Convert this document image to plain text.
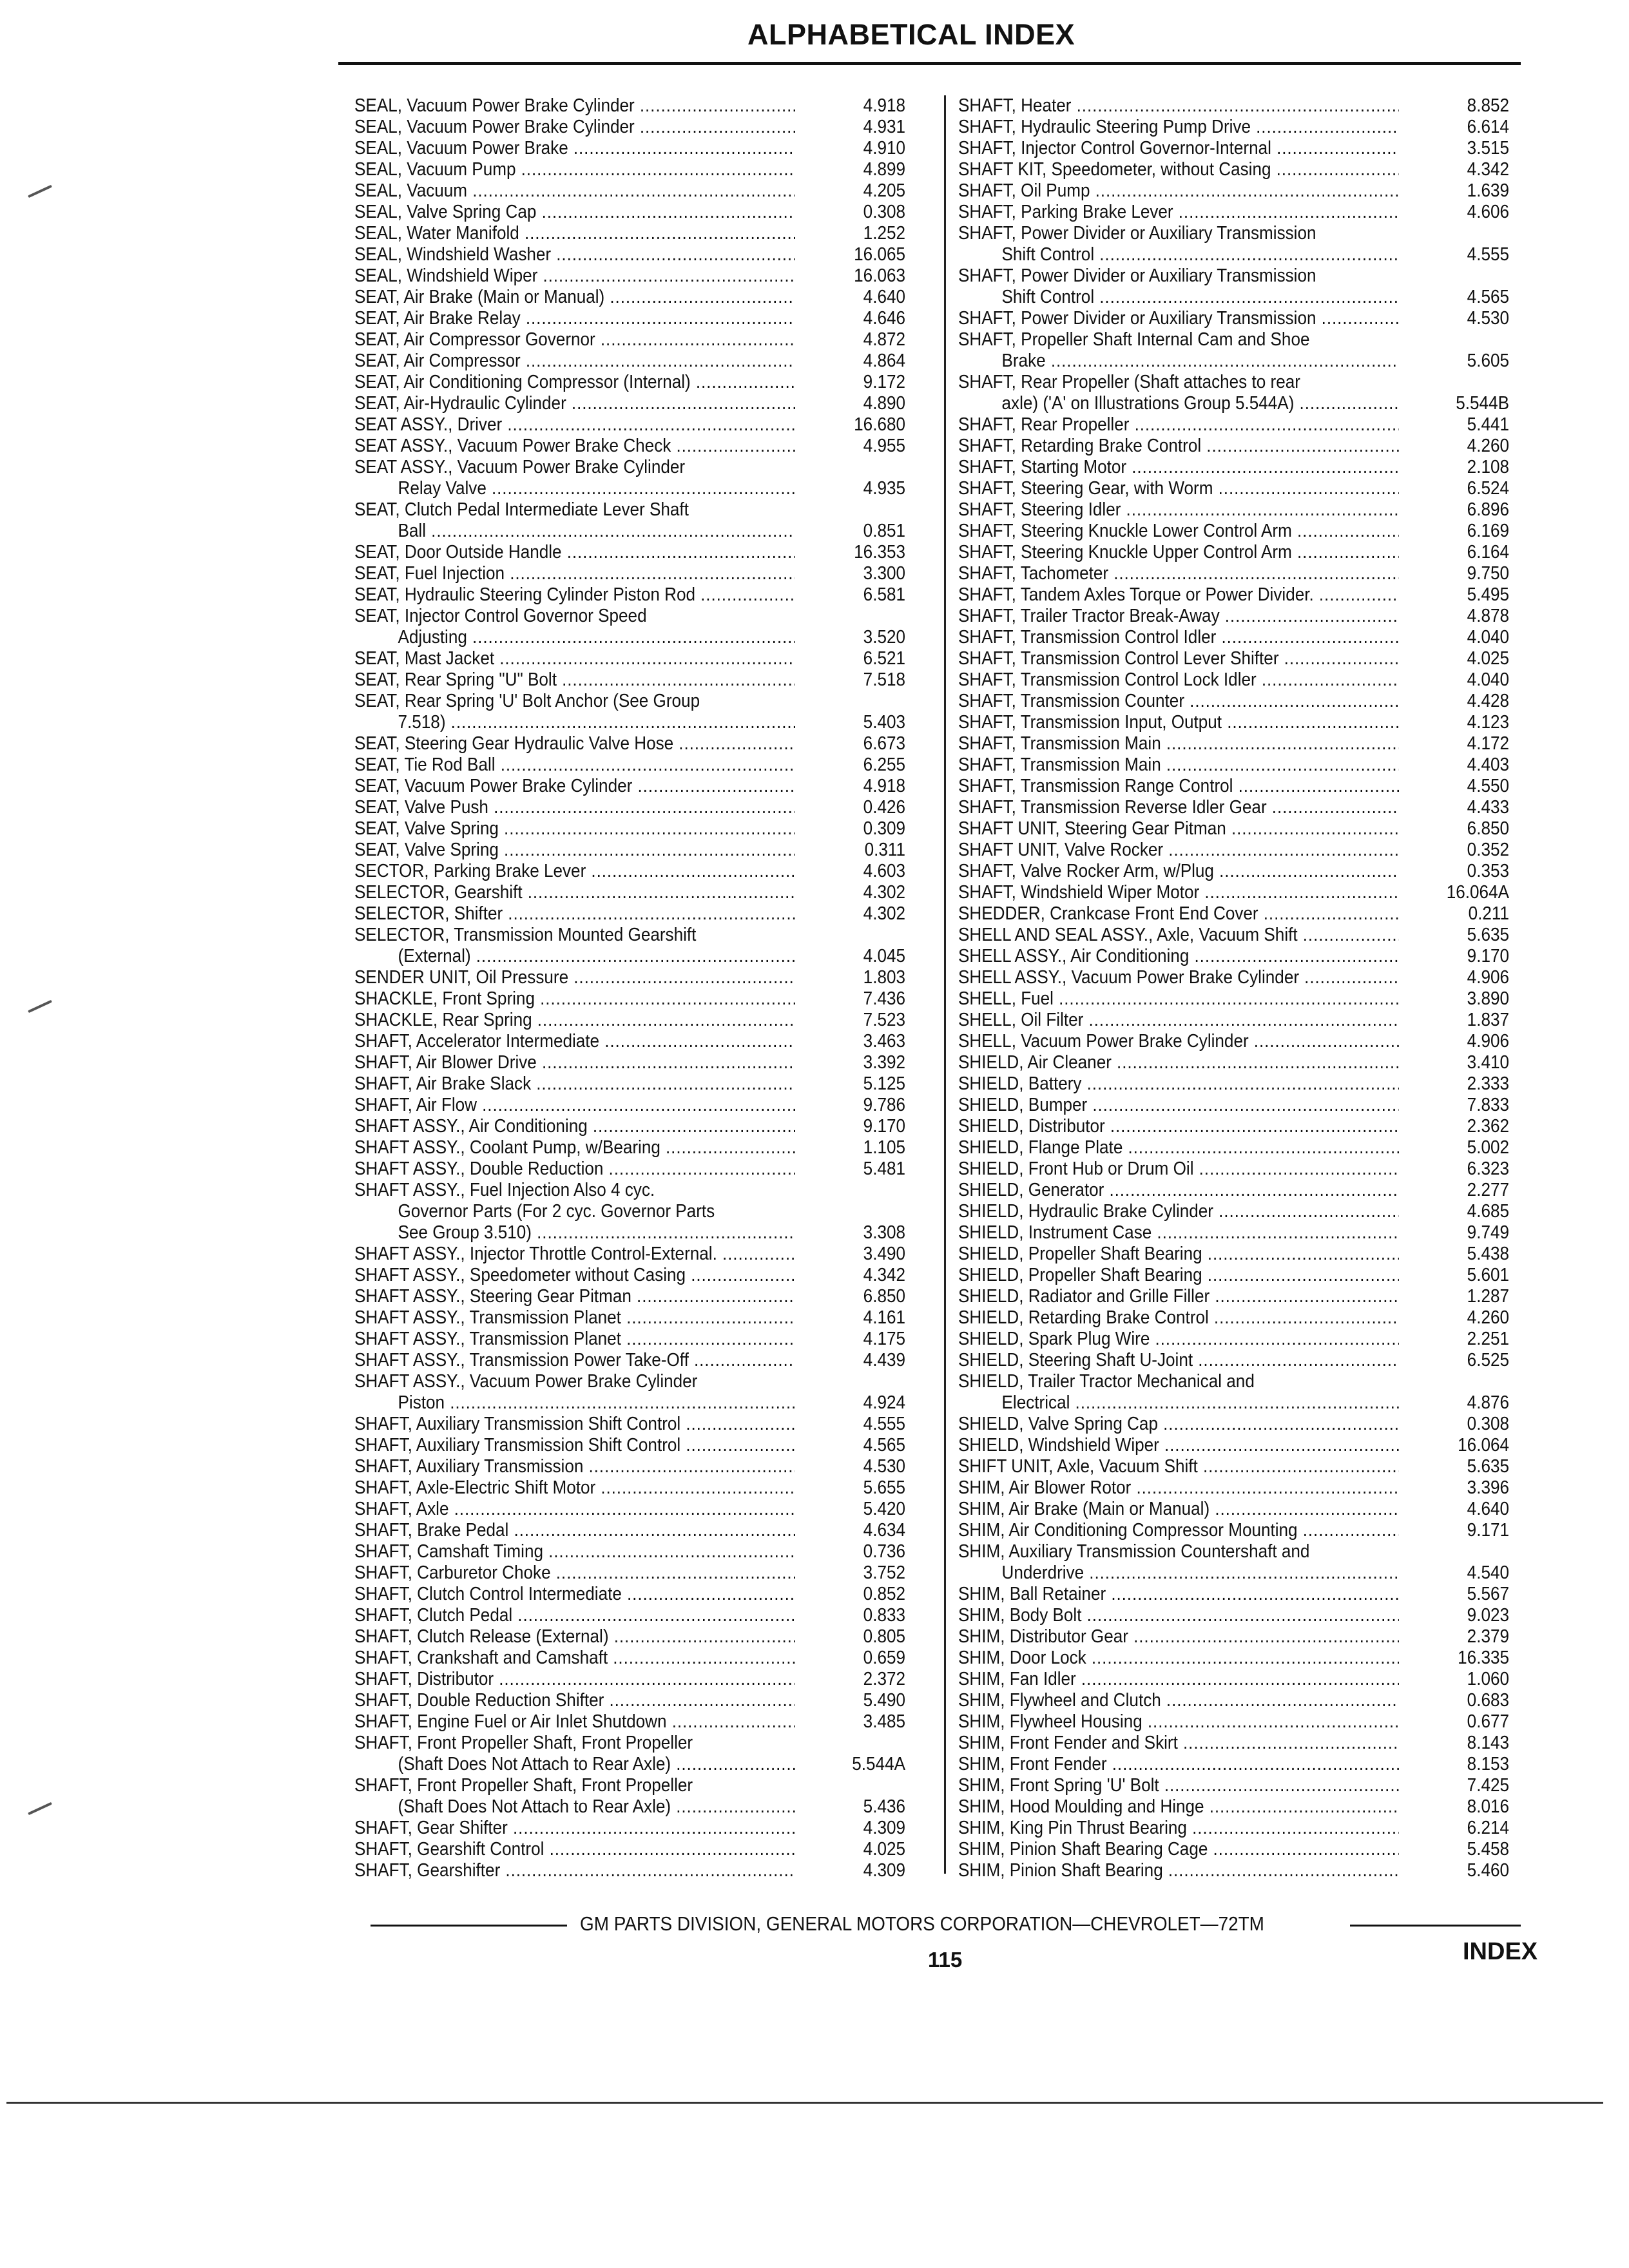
ALPHABETICAL INDEX
SEAL, Vacuum Power Brake Cylinder .....	4.918
SEAL, Vacuum Power Brake Cylinder .....	4.931
SEAL, Vacuum Power Brake .....	4.910
SEAL, Vacuum Pump .....	4.899
SEAL, Vacuum .....	4.205
SEAL, Valve Spring Cap .....	0.308
SEAL, Water Manifold .....	1.252
SEAL, Windshield Washer .....	16.065
SEAL, Windshield Wiper .....	16.063
SEAT, Air Brake (Main or Manual) .....	4.640
SEAT, Air Brake Relay .....	4.646
SEAT, Air Compressor Governor .....	4.872
SEAT, Air Compressor .....	4.864
SEAT, Air Conditioning Compressor (Internal) .....	9.172
SEAT, Air-Hydraulic Cylinder .....	4.890
SEAT ASSY., Driver .....	16.680
SEAT ASSY., Vacuum Power Brake Check .....	4.955
SEAT ASSY., Vacuum Power Brake Cylinder
Relay Valve .....	4.935
SEAT, Clutch Pedal Intermediate Lever Shaft
Ball .....	0.851
SEAT, Door Outside Handle .....	16.353
SEAT, Fuel Injection .....	3.300
SEAT, Hydraulic Steering Cylinder Piston Rod .....	6.581
SEAT, Injector Control Governor Speed
Adjusting .....	3.520
SEAT, Mast Jacket .....	6.521
SEAT, Rear Spring "U" Bolt .....	7.518
SEAT, Rear Spring 'U' Bolt Anchor (See Group
7.518) .....	5.403
SEAT, Steering Gear Hydraulic Valve Hose .....	6.673
SEAT, Tie Rod Ball .....	6.255
SEAT, Vacuum Power Brake Cylinder .....	4.918
SEAT, Valve Push .....	0.426
SEAT, Valve Spring .....	0.309
SEAT, Valve Spring .....	0.311
SECTOR, Parking Brake Lever .....	4.603
SELECTOR, Gearshift .....	4.302
SELECTOR, Shifter .....	4.302
SELECTOR, Transmission Mounted Gearshift
(External) .....	4.045
SENDER UNIT, Oil Pressure .....	1.803
SHACKLE, Front Spring .....	7.436
SHACKLE, Rear Spring .....	7.523
SHAFT, Accelerator Intermediate .....	3.463
SHAFT, Air Blower Drive .....	3.392
SHAFT, Air Brake Slack .....	5.125
SHAFT, Air Flow .....	9.786
SHAFT ASSY., Air Conditioning .....	9.170
SHAFT ASSY., Coolant Pump, w/Bearing .....	1.105
SHAFT ASSY., Double Reduction .....	5.481
SHAFT ASSY., Fuel Injection Also 4 cyc.
Governor Parts (For 2 cyc. Governor Parts
See Group 3.510) .....	3.308
SHAFT ASSY., Injector Throttle Control-External. .....	3.490
SHAFT ASSY., Speedometer without Casing .....	4.342
SHAFT ASSY., Steering Gear Pitman .....	6.850
SHAFT ASSY., Transmission Planet .....	4.161
SHAFT ASSY., Transmission Planet .....	4.175
SHAFT ASSY., Transmission Power Take-Off .....	4.439
SHAFT ASSY., Vacuum Power Brake Cylinder
Piston .....	4.924
SHAFT, Auxiliary Transmission Shift Control .....	4.555
SHAFT, Auxiliary Transmission Shift Control .....	4.565
SHAFT, Auxiliary Transmission .....	4.530
SHAFT, Axle-Electric Shift Motor .....	5.655
SHAFT, Axle .....	5.420
SHAFT, Brake Pedal .....	4.634
SHAFT, Camshaft Timing .....	0.736
SHAFT, Carburetor Choke .....	3.752
SHAFT, Clutch Control Intermediate .....	0.852
SHAFT, Clutch Pedal .....	0.833
SHAFT, Clutch Release (External) .....	0.805
SHAFT, Crankshaft and Camshaft .....	0.659
SHAFT, Distributor .....	2.372
SHAFT, Double Reduction Shifter .....	5.490
SHAFT, Engine Fuel or Air Inlet Shutdown .....	3.485
SHAFT, Front Propeller Shaft, Front Propeller
(Shaft Does Not Attach to Rear Axle) .....	5.544A
SHAFT, Front Propeller Shaft, Front Propeller
(Shaft Does Not Attach to Rear Axle) .....	5.436
SHAFT, Gear Shifter .....	4.309
SHAFT, Gearshift Control .....	4.025
SHAFT, Gearshifter .....	4.309
SHAFT, Heater .....	8.852
SHAFT, Hydraulic Steering Pump Drive .....	6.614
SHAFT, Injector Control Governor-Internal .....	3.515
SHAFT KIT, Speedometer, without Casing .....	4.342
SHAFT, Oil Pump .....	1.639
SHAFT, Parking Brake Lever .....	4.606
SHAFT, Power Divider or Auxiliary Transmission
Shift Control .....	4.555
SHAFT, Power Divider or Auxiliary Transmission
Shift Control .....	4.565
SHAFT, Power Divider or Auxiliary Transmission .....	4.530
SHAFT, Propeller Shaft Internal Cam and Shoe
Brake .....	5.605
SHAFT, Rear Propeller (Shaft attaches to rear
axle) ('A' on Illustrations Group 5.544A) .....	5.544B
SHAFT, Rear Propeller .....	5.441
SHAFT, Retarding Brake Control .....	4.260
SHAFT, Starting Motor .....	2.108
SHAFT, Steering Gear, with Worm .....	6.524
SHAFT, Steering Idler .....	6.896
SHAFT, Steering Knuckle Lower Control Arm .....	6.169
SHAFT, Steering Knuckle Upper Control Arm .....	6.164
SHAFT, Tachometer .....	9.750
SHAFT, Tandem Axles Torque or Power Divider. .....	5.495
SHAFT, Trailer Tractor Break-Away .....	4.878
SHAFT, Transmission Control Idler .....	4.040
SHAFT, Transmission Control Lever Shifter .....	4.025
SHAFT, Transmission Control Lock Idler .....	4.040
SHAFT, Transmission Counter .....	4.428
SHAFT, Transmission Input, Output .....	4.123
SHAFT, Transmission Main .....	4.172
SHAFT, Transmission Main .....	4.403
SHAFT, Transmission Range Control .....	4.550
SHAFT, Transmission Reverse Idler Gear .....	4.433
SHAFT UNIT, Steering Gear Pitman .....	6.850
SHAFT UNIT, Valve Rocker .....	0.352
SHAFT, Valve Rocker Arm, w/Plug .....	0.353
SHAFT, Windshield Wiper Motor .....	16.064A
SHEDDER, Crankcase Front End Cover .....	0.211
SHELL AND SEAL ASSY., Axle, Vacuum Shift .....	5.635
SHELL ASSY., Air Conditioning .....	9.170
SHELL ASSY., Vacuum Power Brake Cylinder .....	4.906
SHELL, Fuel .....	3.890
SHELL, Oil Filter .....	1.837
SHELL, Vacuum Power Brake Cylinder .....	4.906
SHIELD, Air Cleaner .....	3.410
SHIELD, Battery .....	2.333
SHIELD, Bumper .....	7.833
SHIELD, Distributor .....	2.362
SHIELD, Flange Plate .....	5.002
SHIELD, Front Hub or Drum Oil .....	6.323
SHIELD, Generator .....	2.277
SHIELD, Hydraulic Brake Cylinder .....	4.685
SHIELD, Instrument Case .....	9.749
SHIELD, Propeller Shaft Bearing .....	5.438
SHIELD, Propeller Shaft Bearing .....	5.601
SHIELD, Radiator and Grille Filler .....	1.287
SHIELD, Retarding Brake Control .....	4.260
SHIELD, Spark Plug Wire .....	2.251
SHIELD, Steering Shaft U-Joint .....	6.525
SHIELD, Trailer Tractor Mechanical and
Electrical .....	4.876
SHIELD, Valve Spring Cap .....	0.308
SHIELD, Windshield Wiper .....	16.064
SHIFT UNIT, Axle, Vacuum Shift .....	5.635
SHIM, Air Blower Rotor .....	3.396
SHIM, Air Brake (Main or Manual) .....	4.640
SHIM, Air Conditioning Compressor Mounting .....	9.171
SHIM, Auxiliary Transmission Countershaft and
Underdrive .....	4.540
SHIM, Ball Retainer .....	5.567
SHIM, Body Bolt .....	9.023
SHIM, Distributor Gear .....	2.379
SHIM, Door Lock .....	16.335
SHIM, Fan Idler .....	1.060
SHIM, Flywheel and Clutch .....	0.683
SHIM, Flywheel Housing .....	0.677
SHIM, Front Fender and Skirt .....	8.143
SHIM, Front Fender .....	8.153
SHIM, Front Spring 'U' Bolt .....	7.425
SHIM, Hood Moulding and Hinge .....	8.016
SHIM, King Pin Thrust Bearing .....	6.214
SHIM, Pinion Shaft Bearing Cage .....	5.458
SHIM, Pinion Shaft Bearing .....	5.460
GM PARTS DIVISION, GENERAL MOTORS CORPORATION—CHEVROLET—72TM
115	INDEX
